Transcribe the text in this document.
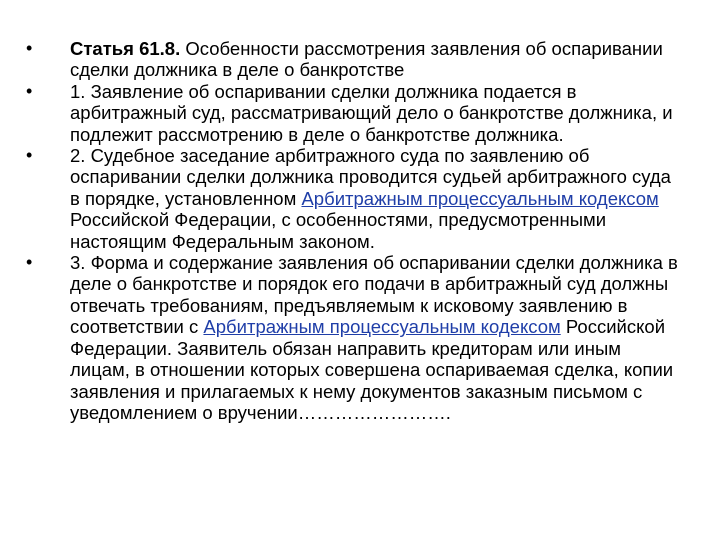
•	Статья 61.8. Особенности рассмотрения заявления об оспаривании сделки должника в деле о банкротстве
•	1. Заявление об оспаривании сделки должника подается в арбитражный суд, рассматривающий дело о банкротстве должника, и подлежит рассмотрению в деле о банкротстве должника.
•	2. Судебное заседание арбитражного суда по заявлению об оспаривании сделки должника проводится судьей арбитражного суда в порядке, установленном Арбитражным процессуальным кодексом Российской Федерации, с особенностями, предусмотренными настоящим Федеральным законом.
•	3. Форма и содержание заявления об оспаривании сделки должника в деле о банкротстве и порядок его подачи в арбитражный суд должны отвечать требованиям, предъявляемым к исковому заявлению в соответствии с Арбитражным процессуальным кодексом Российской Федерации. Заявитель обязан направить кредиторам или иным лицам, в отношении которых совершена оспариваемая сделка, копии заявления и прилагаемых к нему документов заказным письмом с уведомлением о вручении…………………….
